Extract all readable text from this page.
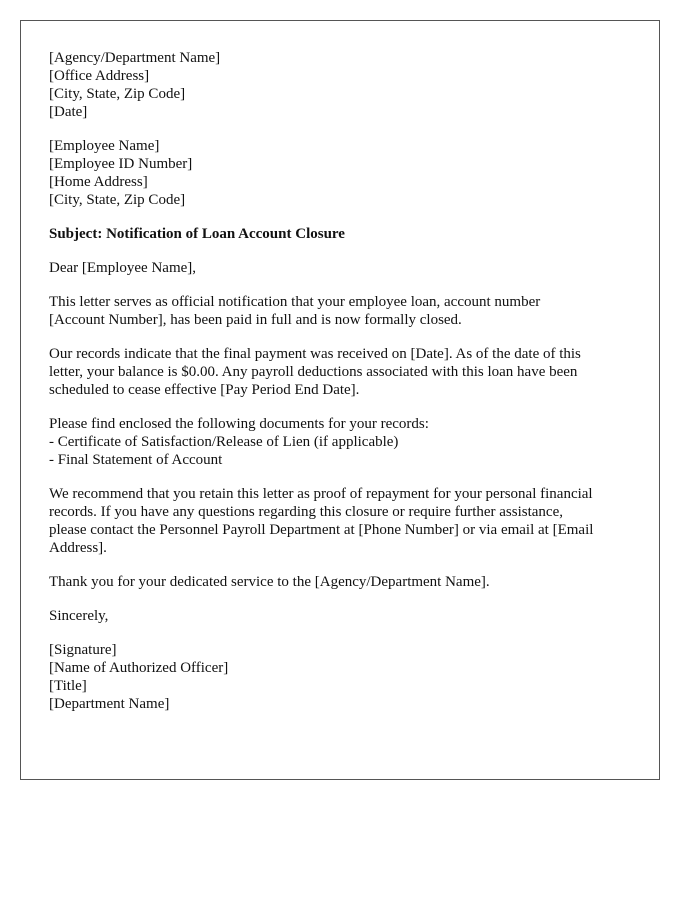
[Agency/Department Name]
[Office Address]
[City, State, Zip Code]
[Date]
[Employee Name]
[Employee ID Number]
[Home Address]
[City, State, Zip Code]
Subject: Notification of Loan Account Closure
Dear [Employee Name],
This letter serves as official notification that your employee loan, account number
[Account Number], has been paid in full and is now formally closed.
Our records indicate that the final payment was received on [Date]. As of the date of this
letter, your balance is $0.00. Any payroll deductions associated with this loan have been
scheduled to cease effective [Pay Period End Date].
Please find enclosed the following documents for your records:
- Certificate of Satisfaction/Release of Lien (if applicable)
- Final Statement of Account
We recommend that you retain this letter as proof of repayment for your personal financial
records. If you have any questions regarding this closure or require further assistance,
please contact the Personnel Payroll Department at [Phone Number] or via email at [Email
Address].
Thank you for your dedicated service to the [Agency/Department Name].
Sincerely,
[Signature]
[Name of Authorized Officer]
[Title]
[Department Name]
